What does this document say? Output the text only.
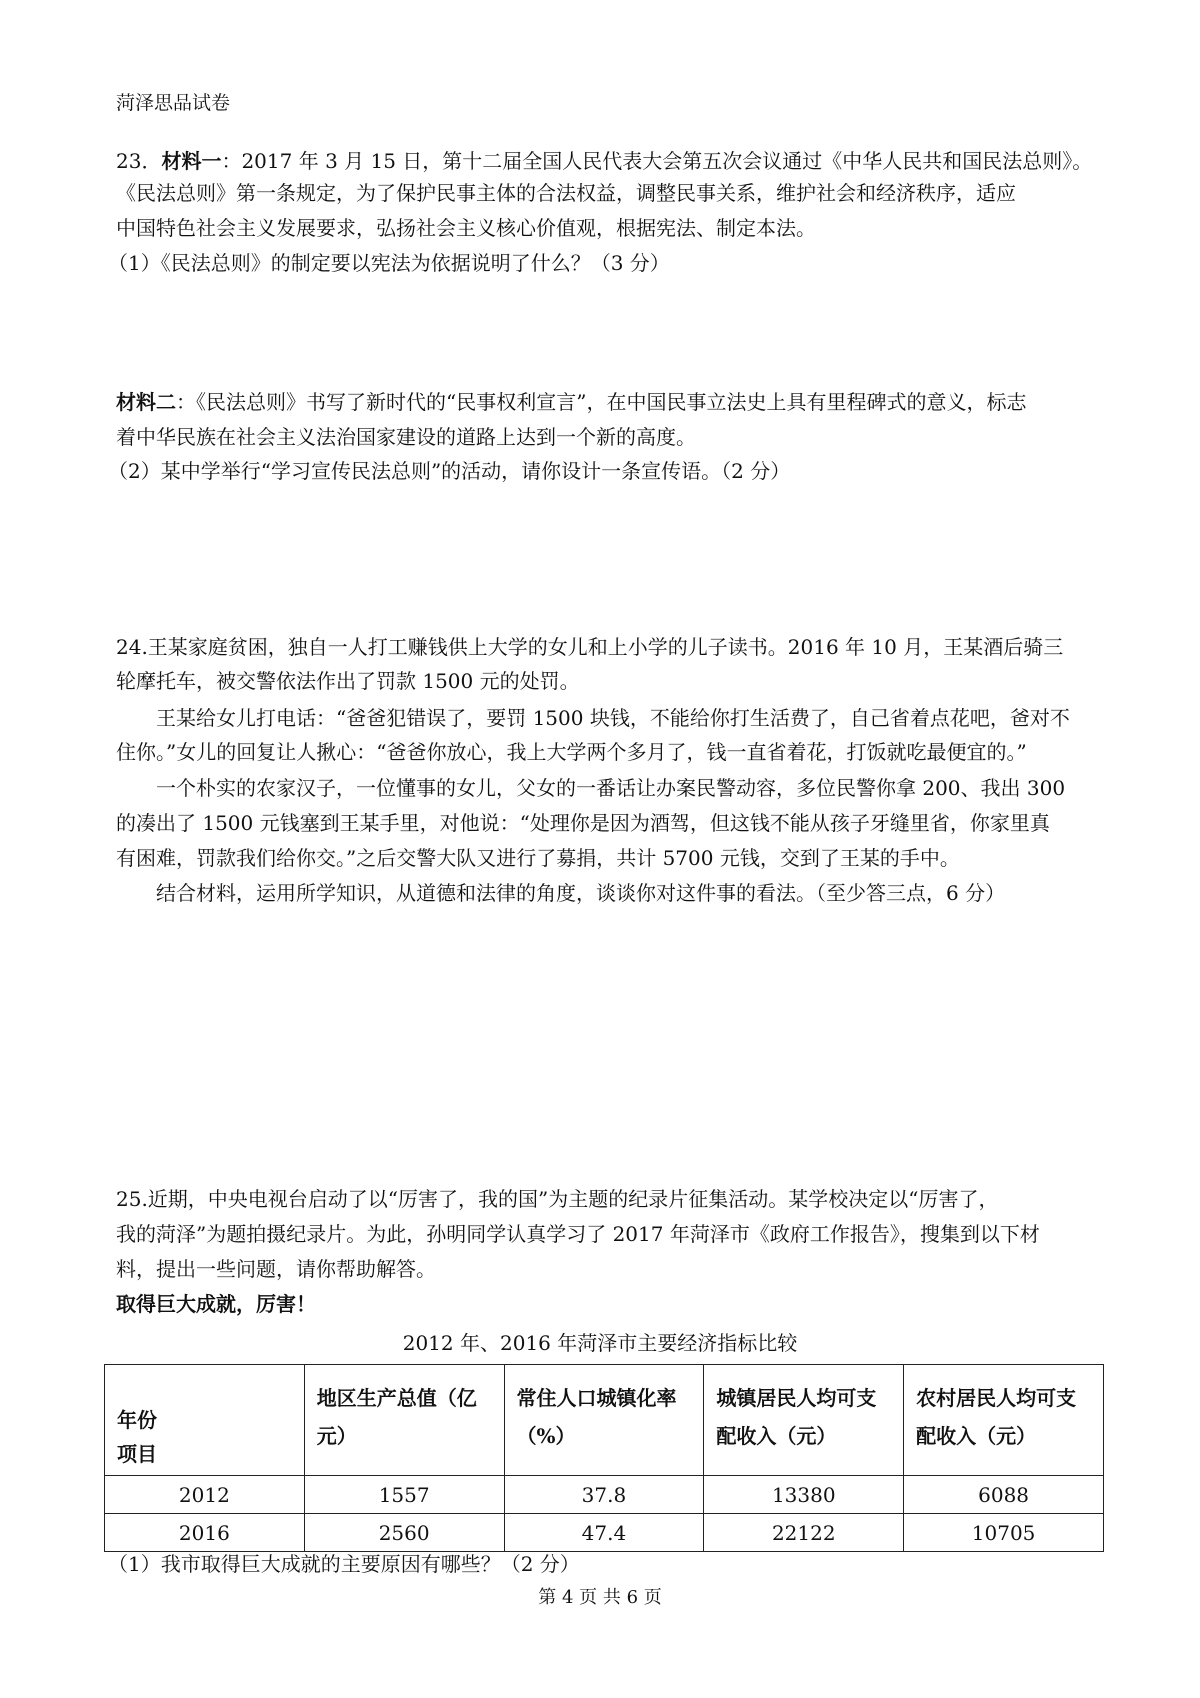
菏泽思品试卷
23．材料一：2017 年 3 月 15 日，第十二届全国人民代表大会第五次会议通过《中华人民共和国民法总则》。
《民法总则》第一条规定，为了保护民事主体的合法权益，调整民事关系，维护社会和经济秩序，适应
中国特色社会主义发展要求，弘扬社会主义核心价值观，根据宪法、制定本法。
（1）《民法总则》的制定要以宪法为依据说明了什么？（3 分）
材料二：《民法总则》书写了新时代的“民事权利宣言”，在中国民事立法史上具有里程碑式的意义，标志
着中华民族在社会主义法治国家建设的道路上达到一个新的高度。
（2）某中学举行“学习宣传民法总则”的活动，请你设计一条宣传语。（2 分）
24.王某家庭贫困，独自一人打工赚钱供上大学的女儿和上小学的儿子读书。2016 年 10 月，王某酒后骑三
轮摩托车，被交警依法作出了罚款 1500 元的处罚。
王某给女儿打电话：“爸爸犯错误了，要罚 1500 块钱，不能给你打生活费了，自己省着点花吧，爸对不
住你。”女儿的回复让人揪心：“爸爸你放心，我上大学两个多月了，钱一直省着花，打饭就吃最便宜的。”
一个朴实的农家汉子，一位懂事的女儿，父女的一番话让办案民警动容，多位民警你拿 200、我出 300
的凑出了 1500 元钱塞到王某手里，对他说：“处理你是因为酒驾，但这钱不能从孩子牙缝里省，你家里真
有困难，罚款我们给你交。”之后交警大队又进行了募捐，共计 5700 元钱，交到了王某的手中。
结合材料，运用所学知识，从道德和法律的角度，谈谈你对这件事的看法。（至少答三点，6 分）
25.近期，中央电视台启动了以“厉害了，我的国”为主题的纪录片征集活动。某学校决定以“厉害了，
我的菏泽”为题拍摄纪录片。为此，孙明同学认真学习了 2017 年菏泽市《政府工作报告》，搜集到以下材
料，提出一些问题，请你帮助解答。
取得巨大成就，厉害！
2012 年、2016 年菏泽市主要经济指标比较
年份
项目	地区生产总值（亿元）	常住人口城镇化率（%）	城镇居民人均可支配收入（元）	农村居民人均可支配收入（元）
2012	1557	37.8	13380	6088
2016	2560	47.4	22122	10705
（1）我市取得巨大成就的主要原因有哪些？（2 分）
第 4 页 共 6 页
